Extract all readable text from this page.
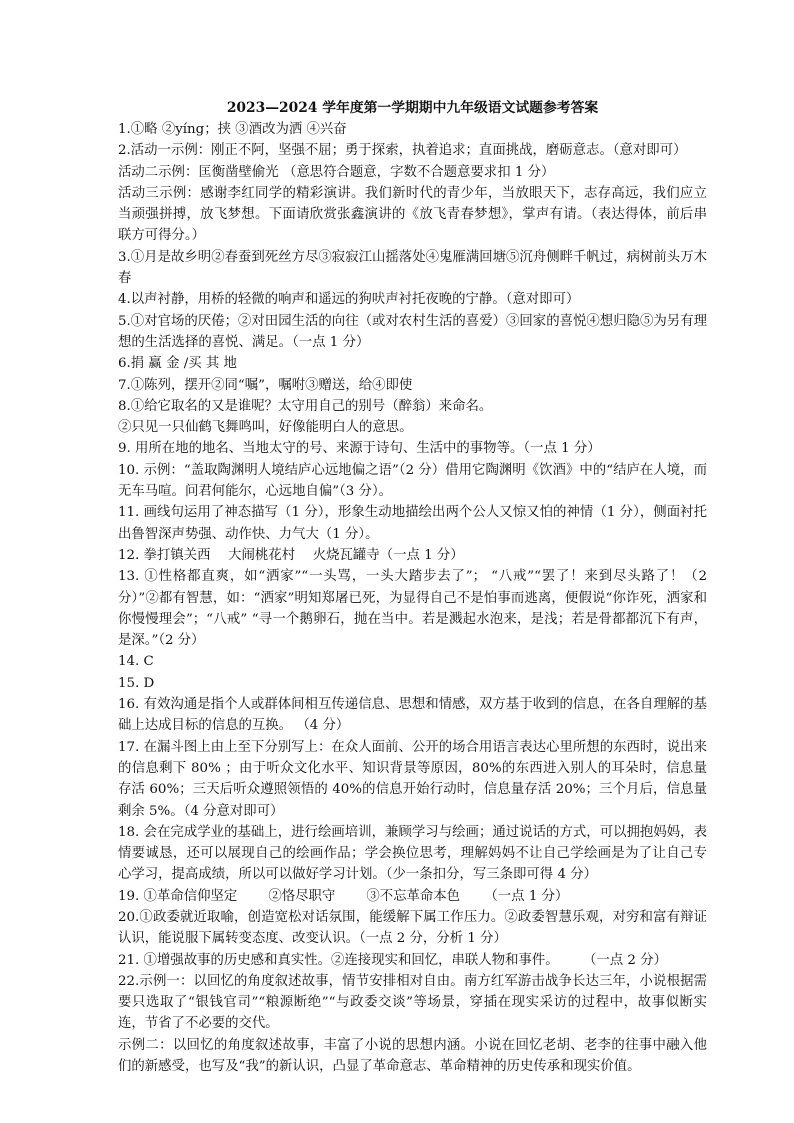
2023—2024 学年度第一学期期中九年级语文试题参考答案

1.①略 ②yíng；挟 ③酒改为洒 ④兴奋

2.活动一示例：刚正不阿，坚强不屈；勇于探索，执着追求；直面挑战，磨砺意志。（意对即可）

活动二示例：匡衡凿壁偷光 （意思符合题意，字数不合题意要求扣 1 分）

活动三示例：感谢李红同学的精彩演讲。我们新时代的青少年，当放眼天下，志存高远，我们应立当顽强拼搏，放飞梦想。下面请欣赏张鑫演讲的《放飞青春梦想》，掌声有请。（表达得体，前后串联方可得分。）

3.①月是故乡明②春蚕到死丝方尽③寂寂江山摇落处④鬼雁满回塘⑤沉舟侧畔千帆过，病树前头万木春

4.以声衬静，用桥的轻微的响声和遥远的狗吠声衬托夜晚的宁静。（意对即可）

5.①对官场的厌倦；②对田园生活的向往（或对农村生活的喜爱）③回家的喜悦④想归隐⑤为另有理想的生活选择的喜悦、满足。（一点 1 分）

6.捐 赢 金 /买 其 地

7.①陈列，摆开②同“嘱”，嘱咐③赠送，给④即使

8.①给它取名的又是谁呢？太守用自己的别号（醉翁）来命名。

②只见一只仙鹤飞舞鸣叫，好像能明白人的意思。

9. 用所在地的地名、当地太守的号、来源于诗句、生活中的事物等。（一点 1 分）

10. 示例：“盖取陶渊明人境结庐心远地偏之语”（2 分）借用它陶渊明《饮酒》中的“结庐在人境，而无车马喧。问君何能尔，心远地自偏”（3 分）。

11. 画线句运用了神态描写（1 分），形象生动地描绘出两个公人又惊又怕的神情（1 分），侧面衬托出鲁智深声势强、动作快、力气大（1 分）。

12. 拳打镇关西 　大闹桃花村 　火烧瓦罐寺（一点 1 分）

13. ①性格都直爽，如“洒家”“一头骂，一头大踏步去了”； “八戒”“罢了！来到尽头路了！（2 分）”②都有智慧，如：“洒家”明知郑屠已死，为显得自己不是怕事而逃离，便假说“你诈死，洒家和你慢慢理会”；“八戒” “寻一个鹅卵石，抛在当中。若是溅起水泡来，是浅；若是骨都都沉下有声，是深。”（2 分）

14. C

15. D

16. 有效沟通是指个人或群体间相互传递信息、思想和情感，双方基于收到的信息，在各自理解的基础上达成目标的信息的互换。 （4 分）

17. 在漏斗图上由上至下分别写上：在众人面前、公开的场合用语言表达心里所想的东西时，说出来的信息剩下 80% ；由于听众文化水平、知识背景等原因，80%的东西进入别人的耳朵时，信息量存活 60%；三天后听众遵照领悟的 40%的信息开始行动时，信息量存活 20%；三个月后，信息量剩余 5%。（4 分意对即可）

18. 会在完成学业的基础上，进行绘画培训，兼顾学习与绘画；通过说话的方式，可以拥抱妈妈，表情要诚恳，还可以展现自己的绘画作品；学会换位思考，理解妈妈不让自己学绘画是为了让自己专心学习，提高成绩，所以可以做好学习计划。（少一条扣分，写三条即可得 4 分）

19. ①革命信仰坚定 　　②恪尽职守 　　③不忘革命本色 　　（一点 1 分）

20.①政委就近取喻，创造宽松对话氛围，能缓解下属工作压力。②政委智慧乐观，对穷和富有辩证认识，能说服下属转变态度、改变认识。（一点 2 分，分析 1 分）

21. ①增强故事的历史感和真实性。②连接现实和回忆，串联人物和事件。 　　（一点 2 分）

22.示例一：以回忆的角度叙述故事，情节安排相对自由。南方红军游击战争长达三年，小说根据需要只选取了“银钱官司”“粮源断绝”“与政委交谈”等场景，穿插在现实采访的过程中，故事似断实连，节省了不必要的交代。

示例二：以回忆的角度叙述故事，丰富了小说的思想内涵。小说在回忆老胡、老李的往事中融入他们的新感受，也写及“我”的新认识，凸显了革命意志、革命精神的历史传承和现实价值。
